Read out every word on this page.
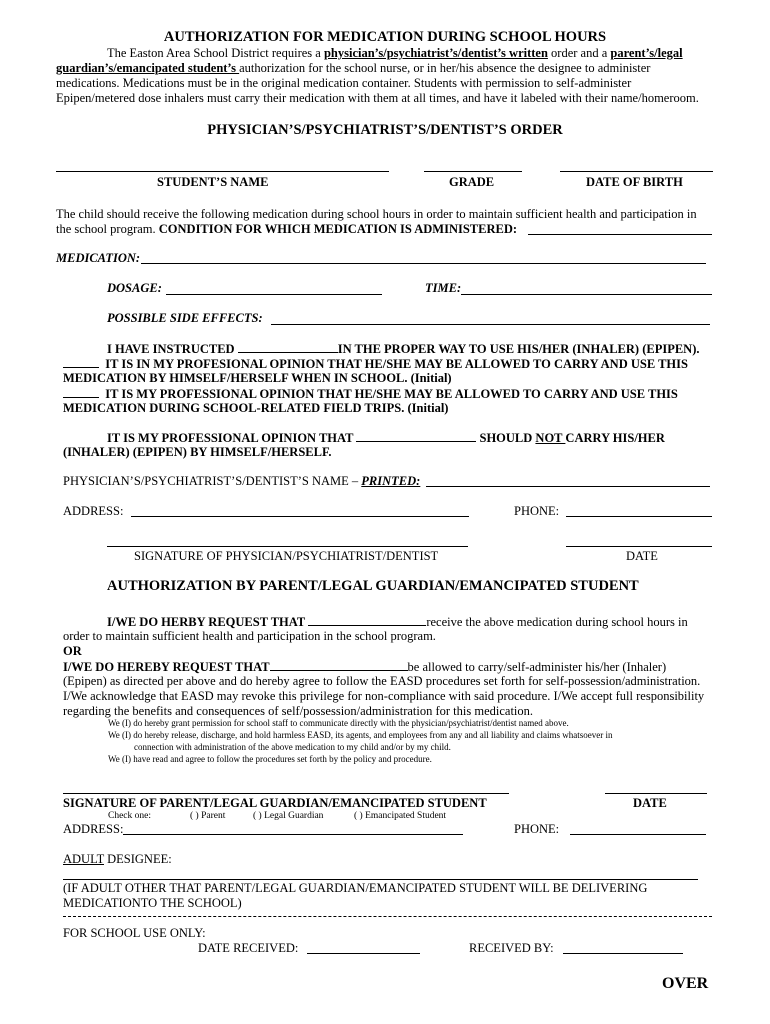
AUTHORIZATION FOR MEDICATION DURING SCHOOL HOURS
The Easton Area School District requires a physician’s/psychiatrist’s/dentist’s written order and a parent’s/legal
guardian’s/emancipated student’s authorization for the school nurse, or in her/his absence the designee to administer
medications. Medications must be in the original medication container. Students with permission to self-administer
Epipen/metered dose inhalers must carry their medication with them at all times, and have it labeled with their name/homeroom.
PHYSICIAN’S/PSYCHIATRIST’S/DENTIST’S ORDER
STUDENT’S NAME	GRADE	DATE OF BIRTH
The child should receive the following medication during school hours in order to maintain sufficient health and participation in
the school program. CONDITION FOR WHICH MEDICATION IS ADMINISTERED:
MEDICATION:
DOSAGE:	TIME:
POSSIBLE SIDE EFFECTS:
I HAVE INSTRUCTED	IN THE PROPER WAY TO USE HIS/HER (INHALER) (EPIPEN).
IT IS IN MY PROFESIONAL OPINION THAT HE/SHE MAY BE ALLOWED TO CARRY AND USE THIS
MEDICATION BY HIMSELF/HERSELF WHEN IN SCHOOL. (Initial)
IT IS MY PROFESSIONAL OPINION THAT HE/SHE MAY BE ALLOWED TO CARRY AND USE THIS
MEDICATION DURING SCHOOL-RELATED FIELD TRIPS. (Initial)
IT IS MY PROFESSIONAL OPINION THAT	SHOULD NOT CARRY HIS/HER
(INHALER) (EPIPEN) BY HIMSELF/HERSELF.
PHYSICIAN’S/PSYCHIATRIST’S/DENTIST’S NAME – PRINTED:
ADDRESS:	PHONE:
SIGNATURE OF PHYSICIAN/PSYCHIATRIST/DENTIST	DATE
AUTHORIZATION BY PARENT/LEGAL GUARDIAN/EMANCIPATED STUDENT
I/WE DO HERBY REQUEST THAT	receive the above medication during school hours in
order to maintain sufficient health and participation in the school program.
OR
I/WE DO HEREBY REQUEST THAT	be allowed to carry/self-administer his/her (Inhaler)
(Epipen) as directed per above and do hereby agree to follow the EASD procedures set forth for self-possession/administration.
I/We acknowledge that EASD may revoke this privilege for non-compliance with said procedure. I/We accept full responsibility
regarding the benefits and consequences of self/possession/administration for this medication.
We (I) do hereby grant permission for school staff to communicate directly with the physician/psychiatrist/dentist named above.
We (I) do hereby release, discharge, and hold harmless EASD, its agents, and employees from any and all liability and claims whatsoever in
connection with administration of the above medication to my child and/or by my child.
We (I) have read and agree to follow the procedures set forth by the policy and procedure.
SIGNATURE OF PARENT/LEGAL GUARDIAN/EMANCIPATED STUDENT	DATE
Check one:	( ) Parent	( ) Legal Guardian	( ) Emancipated Student
ADDRESS:	PHONE:
ADULT DESIGNEE:
(IF ADULT OTHER THAT PARENT/LEGAL GUARDIAN/EMANCIPATED STUDENT WILL BE DELIVERING
MEDICATIONTO THE SCHOOL)
FOR SCHOOL USE ONLY:
DATE RECEIVED:	RECEIVED BY:
OVER
